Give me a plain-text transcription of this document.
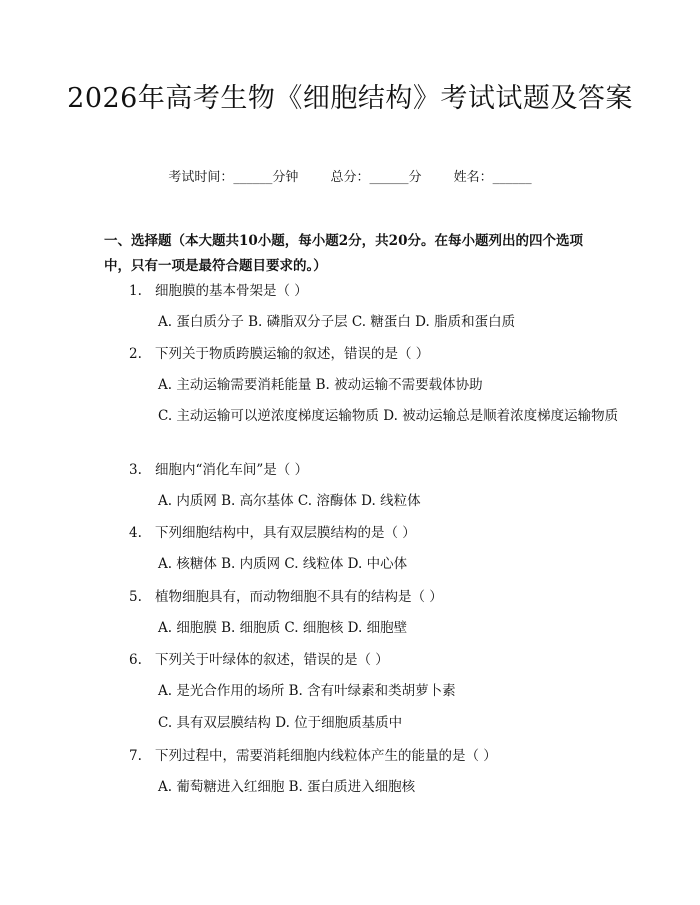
2026年高考生物《细胞结构》考试试题及答案
考试时间：______分钟 总分：______分 姓名：______

一、选择题（本大题共10小题，每小题2分，共20分。在每小题列出的四个选项中，只有一项是最符合题目要求的。）

1. 细胞膜的基本骨架是（ ）
A. 蛋白质分子 B. 磷脂双分子层 C. 糖蛋白 D. 脂质和蛋白质
2. 下列关于物质跨膜运输的叙述，错误的是（ ）
A. 主动运输需要消耗能量 B. 被动运输不需要载体协助
C. 主动运输可以逆浓度梯度运输物质 D. 被动运输总是顺着浓度梯度运输物质
3. 细胞内“消化车间”是（ ）
A. 内质网 B. 高尔基体 C. 溶酶体 D. 线粒体
4. 下列细胞结构中，具有双层膜结构的是（ ）
A. 核糖体 B. 内质网 C. 线粒体 D. 中心体
5. 植物细胞具有，而动物细胞不具有的结构是（ ）
A. 细胞膜 B. 细胞质 C. 细胞核 D. 细胞壁
6. 下列关于叶绿体的叙述，错误的是（ ）
A. 是光合作用的场所 B. 含有叶绿素和类胡萝卜素
C. 具有双层膜结构 D. 位于细胞质基质中
7. 下列过程中，需要消耗细胞内线粒体产生的能量的是（ ）
A. 葡萄糖进入红细胞 B. 蛋白质进入细胞核
